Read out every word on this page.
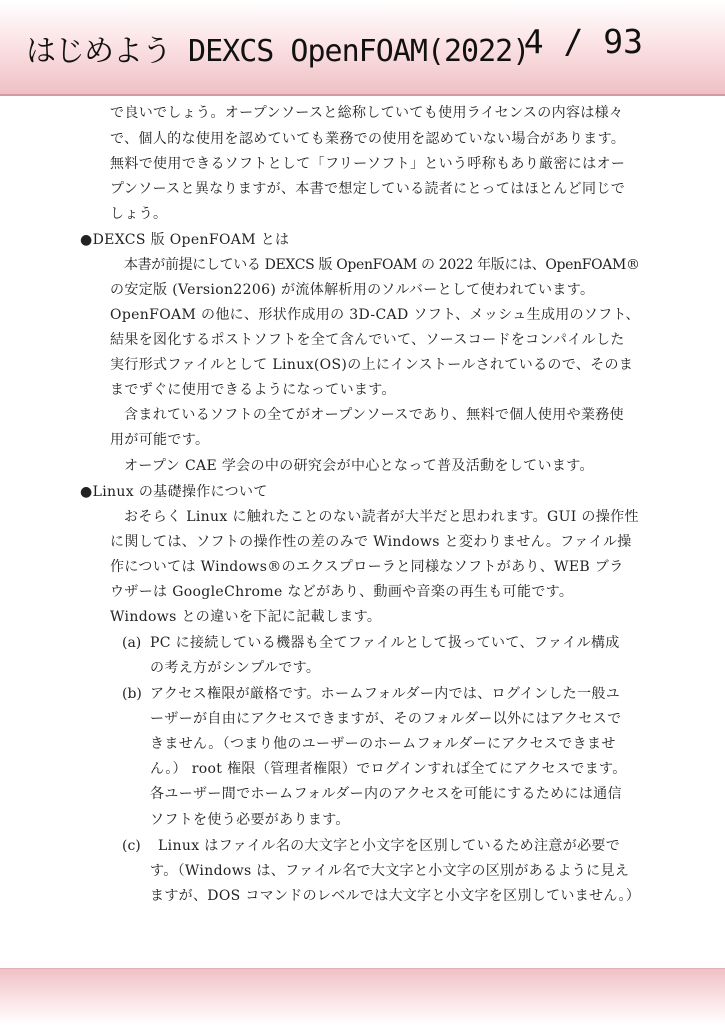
はじめよう DEXCS OpenFOAM(2022)
4 / 93
で良いでしょう。オープンソースと総称していても使用ライセンスの内容は様々
で、個人的な使用を認めていても業務での使用を認めていない場合があります。
無料で使用できるソフトとして「フリーソフト」という呼称もあり厳密にはオー
プンソースと異なりますが、本書で想定している読者にとってはほとんど同じで
しょう。
●DEXCS 版 OpenFOAM とは
本書が前提にしている DEXCS 版 OpenFOAM の 2022 年版には、OpenFOAM®
の安定版 (Version2206) が流体解析用のソルバーとして使われています。
OpenFOAM の他に、形状作成用の 3D-CAD ソフト、メッシュ生成用のソフト、
結果を図化するポストソフトを全て含んでいて、ソースコードをコンパイルした
実行形式ファイルとして Linux(OS)の上にインストールされているので、そのま
までずぐに使用できるようになっています。
含まれているソフトの全てがオープンソースであり、無料で個人使用や業務使
用が可能です。
オープン CAE 学会の中の研究会が中心となって普及活動をしています。
●Linux の基礎操作について
おそらく Linux に触れたことのない読者が大半だと思われます。GUI の操作性
に関しては、ソフトの操作性の差のみで Windows と変わりません。ファイル操
作については Windows®のエクスプローラと同様なソフトがあり、WEB ブラ
ウザーは GoogleChrome などがあり、動画や音楽の再生も可能です。
Windows との違いを下記に記載します。
(a) PC に接続している機器も全てファイルとして扱っていて、ファイル構成
の考え方がシンプルです。
(b) アクセス権限が厳格です。ホームフォルダー内では、ログインした一般ユ
ーザーが自由にアクセスできますが、そのフォルダー以外にはアクセスで
きません。（つまり他のユーザーのホームフォルダーにアクセスできませ
ん。） root 権限（管理者権限）でログインすれば全てにアクセスでます。
各ユーザー間でホームフォルダー内のアクセスを可能にするためには通信
ソフトを使う必要があります。
(c) Linux はファイル名の大文字と小文字を区別しているため注意が必要で
す。（Windows は、ファイル名で大文字と小文字の区別があるように見え
ますが、DOS コマンドのレベルでは大文字と小文字を区別していません。）
